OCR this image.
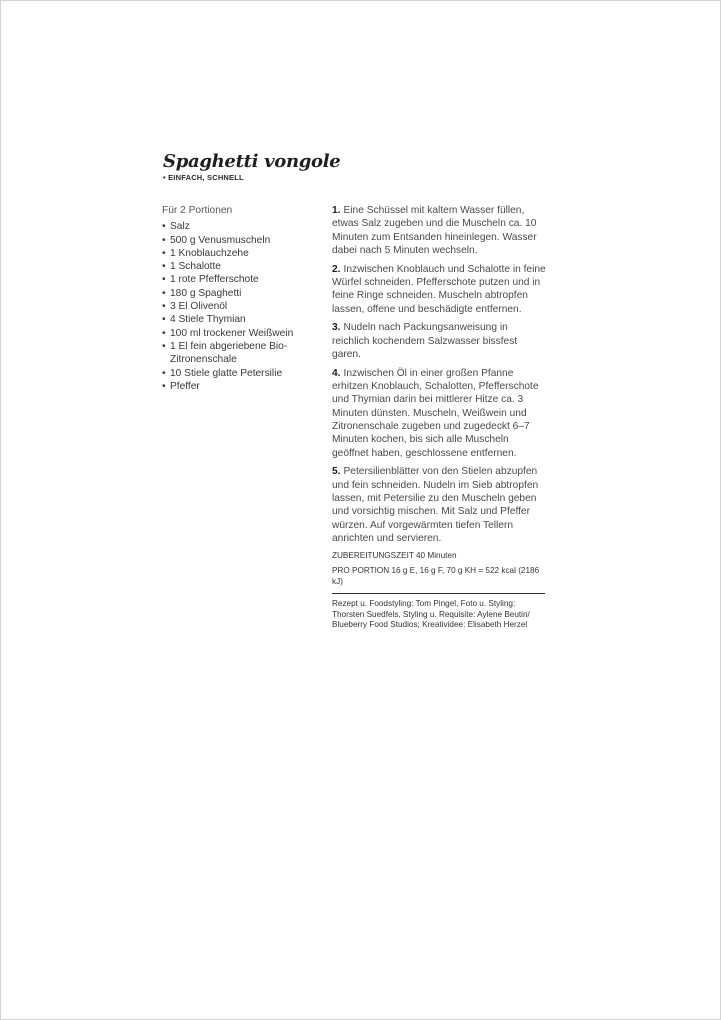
Spaghetti vongole
• EINFACH, SCHNELL
Für 2 Portionen
• Salz
• 500 g Venusmuscheln
• 1 Knoblauchzehe
• 1 Schalotte
• 1 rote Pfefferschote
• 180 g Spaghetti
• 3 El Olivenöl
• 4 Stiele Thymian
• 100 ml trockener Weißwein
• 1 El fein abgeriebene Bio-Zitronenschale
• 10 Stiele glatte Petersilie
• Pfeffer

1. Eine Schüssel mit kaltem Wasser füllen, etwas Salz zugeben und die Muscheln ca. 10 Minuten zum Entsanden hineinlegen. Wasser dabei nach 5 Minuten wechseln.

2. Inzwischen Knoblauch und Schalotte in feine Würfel schneiden. Pfefferschote putzen und in feine Ringe schneiden. Muscheln abtropfen lassen, offene und beschädigte entfernen.

3. Nudeln nach Packungsanweisung in reichlich kochendem Salzwasser bissfest garen.

4. Inzwischen Öl in einer großen Pfanne erhitzen Knoblauch, Schalotten, Pfefferschote und Thymian darin bei mittlerer Hitze ca. 3 Minuten dünsten. Muscheln, Weißwein und Zitronenschale zugeben und zugedeckt 6–7 Minuten kochen, bis sich alle Muscheln geöffnet haben, geschlossene entfernen.

5. Petersilienblätter von den Stielen abzupfen und fein schneiden. Nudeln im Sieb abtropfen lassen, mit Petersilie zu den Muscheln geben und vorsichtig mischen. Mit Salz und Pfeffer würzen. Auf vorgewärmten tiefen Tellern anrichten und servieren.

ZUBEREITUNGSZEIT 40 Minuten

PRO PORTION 16 g E, 16 g F, 70 g KH = 522 kcal (2186 kJ)

Rezept u. Foodstyling: Tom Pingel, Foto u. Styling: Thorsten Suedfels, Styling u. Requisite: Aylene Beutin/ Blueberry Food Studios; Kreatividee: Elisabeth Herzel
